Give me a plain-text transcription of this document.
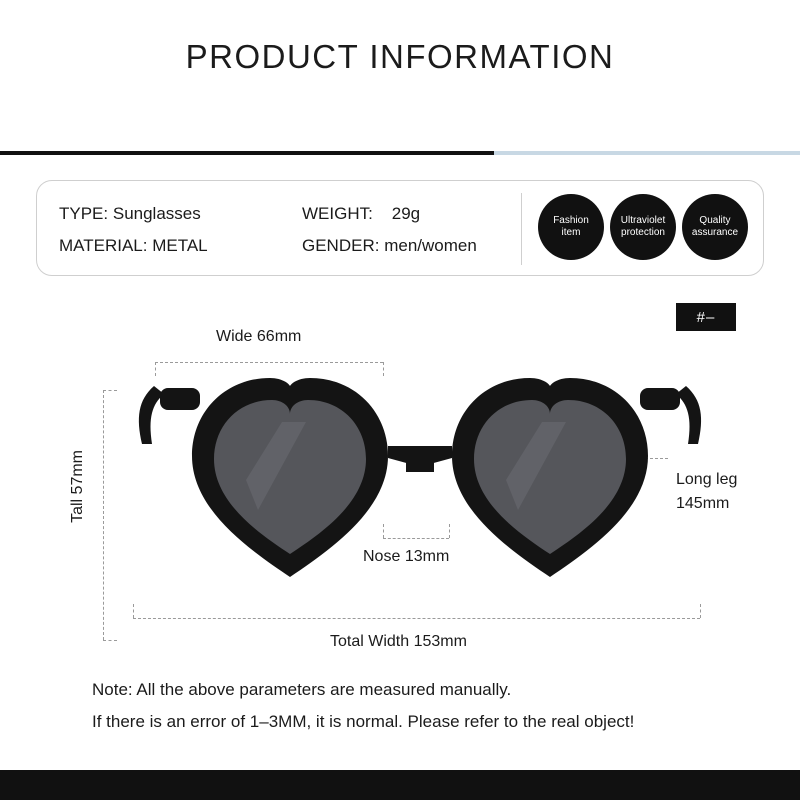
PRODUCT INFORMATION
TYPE: Sunglasses
MATERIAL: METAL
WEIGHT: 29g
GENDER: men/women
Fashion
item
Ultraviolet
protection
Quality
assurance
#–
Wide 66mm
Tall 57mm
Nose 13mm
Total Width 153mm
Long leg
145mm
Note: All the above parameters are measured manually.
If there is an error of 1–3MM, it is normal. Please refer to the real object!
